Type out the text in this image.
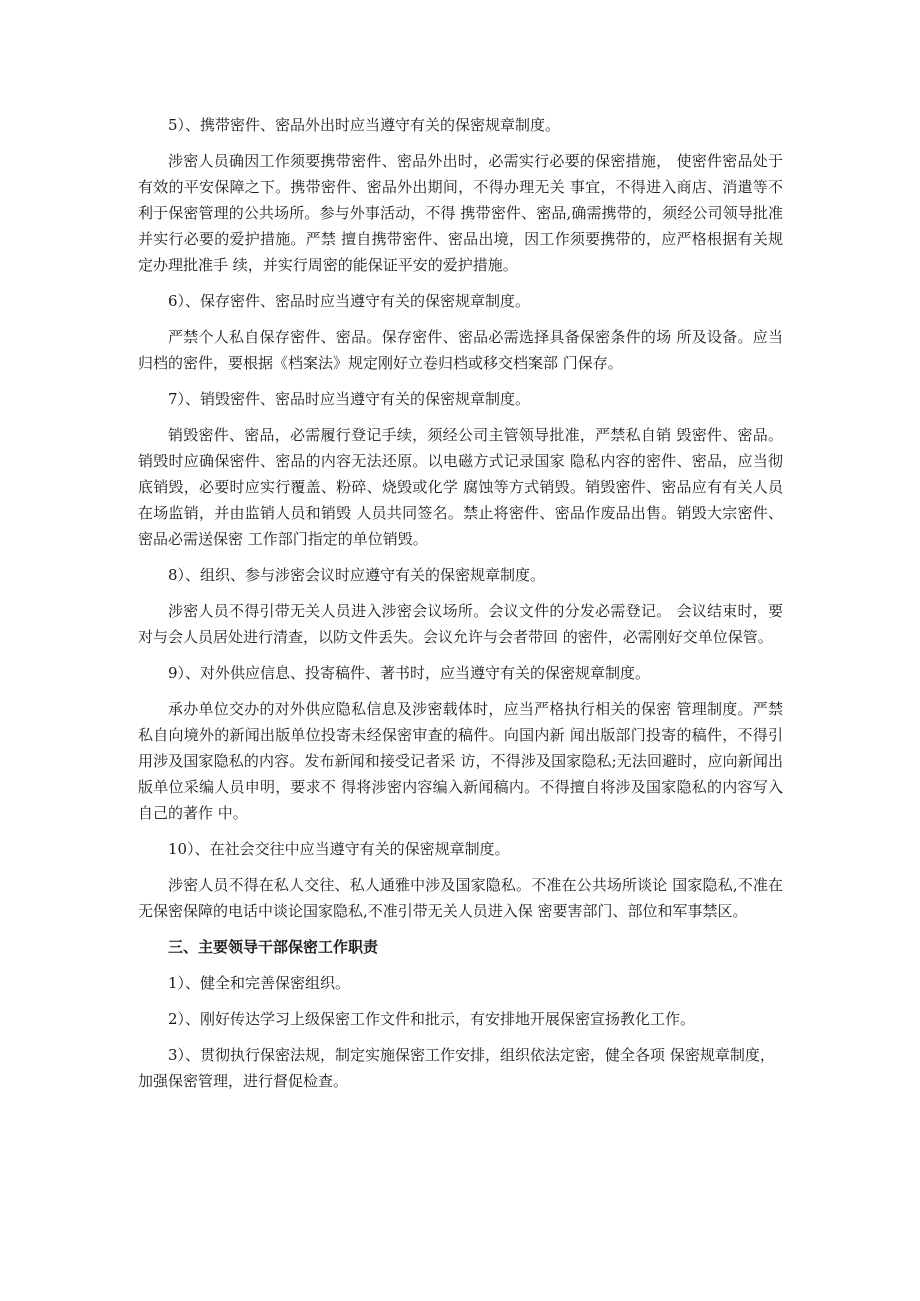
5）、携带密件、密品外出时应当遵守有关的保密规章制度。

涉密人员确因工作须要携带密件、密品外出时，必需实行必要的保密措施， 使密件密品处于有效的平安保障之下。携带密件、密品外出期间，不得办理无关 事宜，不得进入商店、消遣等不利于保密管理的公共场所。参与外事活动，不得 携带密件、密品,确需携带的，须经公司领导批准并实行必要的爱护措施。严禁 擅自携带密件、密品出境，因工作须要携带的，应严格根据有关规定办理批准手 续，并实行周密的能保证平安的爱护措施。

6）、保存密件、密品时应当遵守有关的保密规章制度。

严禁个人私自保存密件、密品。保存密件、密品必需选择具备保密条件的场 所及设备。应当归档的密件，要根据《档案法》规定刚好立卷归档或移交档案部 门保存。

7）、销毁密件、密品时应当遵守有关的保密规章制度。

销毁密件、密品，必需履行登记手续，须经公司主管领导批准，严禁私自销 毁密件、密品。销毁时应确保密件、密品的内容无法还原。以电磁方式记录国家 隐私内容的密件、密品，应当彻底销毁，必要时应实行覆盖、粉碎、烧毁或化学 腐蚀等方式销毁。销毁密件、密品应有有关人员在场监销，并由监销人员和销毁 人员共同签名。禁止将密件、密品作废品出售。销毁大宗密件、密品必需送保密 工作部门指定的单位销毁。

8）、组织、参与涉密会议时应遵守有关的保密规章制度。

涉密人员不得引带无关人员进入涉密会议场所。会议文件的分发必需登记。 会议结束时，要对与会人员居处进行清查，以防文件丢失。会议允许与会者带回 的密件，必需刚好交单位保管。

9）、对外供应信息、投寄稿件、著书时，应当遵守有关的保密规章制度。

承办单位交办的对外供应隐私信息及涉密载体时，应当严格执行相关的保密 管理制度。严禁私自向境外的新闻出版单位投寄未经保密审查的稿件。向国内新 闻出版部门投寄的稿件，不得引用涉及国家隐私的内容。发布新闻和接受记者采 访，不得涉及国家隐私;无法回避时，应向新闻出版单位采编人员申明，要求不 得将涉密内容编入新闻稿内。不得擅自将涉及国家隐私的内容写入自己的著作 中。

10）、在社会交往中应当遵守有关的保密规章制度。

涉密人员不得在私人交往、私人通雅中涉及国家隐私。不准在公共场所谈论 国家隐私,不准在无保密保障的电话中谈论国家隐私,不准引带无关人员进入保 密要害部门、部位和军事禁区。

三、主要领导干部保密工作职责

1）、健全和完善保密组织。

2）、刚好传达学习上级保密工作文件和批示，有安排地开展保密宣扬教化工作。

3）、贯彻执行保密法规，制定实施保密工作安排，组织依法定密，健全各项 保密规章制度，加强保密管理，进行督促检查。
